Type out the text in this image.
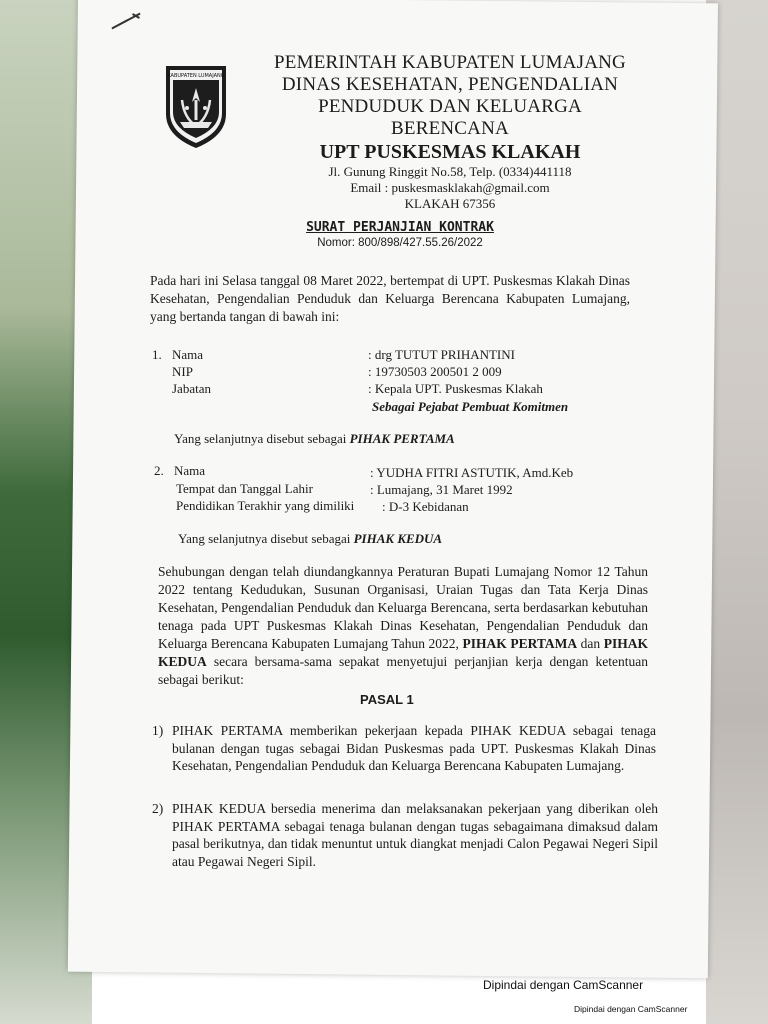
KABUPATEN LUMAJANG
PEMERINTAH KABUPATEN LUMAJANG
DINAS KESEHATAN, PENGENDALIAN
PENDUDUK DAN KELUARGA BERENCANA
UPT PUSKESMAS KLAKAH
Jl. Gunung Ringgit No.58, Telp. (0334)441118
Email : puskesmasklakah@gmail.com
KLAKAH 67356
SURAT PERJANJIAN KONTRAK
Nomor: 800/898/427.55.26/2022
Pada hari ini Selasa tanggal 08 Maret 2022, bertempat di UPT. Puskesmas Klakah Dinas Kesehatan, Pengendalian Penduduk dan Keluarga Berencana Kabupaten Lumajang, yang bertanda tangan di bawah ini:
1. Nama	: drg TUTUT PRIHANTINI
NIP	: 19730503 200501 2 009
Jabatan	: Kepala UPT. Puskesmas Klakah
Sebagai Pejabat Pembuat Komitmen
Yang selanjutnya disebut sebagai PIHAK PERTAMA
2. Nama	: YUDHA FITRI ASTUTIK, Amd.Keb
Tempat dan Tanggal Lahir	: Lumajang, 31 Maret 1992
Pendidikan Terakhir yang dimiliki : D-3 Kebidanan
Yang selanjutnya disebut sebagai PIHAK KEDUA
Sehubungan dengan telah diundangkannya Peraturan Bupati Lumajang Nomor 12 Tahun 2022 tentang Kedudukan, Susunan Organisasi, Uraian Tugas dan Tata Kerja Dinas Kesehatan, Pengendalian Penduduk dan Keluarga Berencana, serta berdasarkan kebutuhan tenaga pada UPT Puskesmas Klakah Dinas Kesehatan, Pengendalian Penduduk dan Keluarga Berencana Kabupaten Lumajang Tahun 2022, PIHAK PERTAMA dan PIHAK KEDUA secara bersama-sama sepakat menyetujui perjanjian kerja dengan ketentuan sebagai berikut:
PASAL 1
1) PIHAK PERTAMA memberikan pekerjaan kepada PIHAK KEDUA sebagai tenaga bulanan dengan tugas sebagai Bidan Puskesmas pada UPT. Puskesmas Klakah Dinas Kesehatan, Pengendalian Penduduk dan Keluarga Berencana Kabupaten Lumajang.
2) PIHAK KEDUA bersedia menerima dan melaksanakan pekerjaan yang diberikan oleh PIHAK PERTAMA sebagai tenaga bulanan dengan tugas sebagaimana dimaksud dalam pasal berikutnya, dan tidak menuntut untuk diangkat menjadi Calon Pegawai Negeri Sipil atau Pegawai Negeri Sipil.
Dipindai dengan CamScanner
Dipindai dengan CamScanner
